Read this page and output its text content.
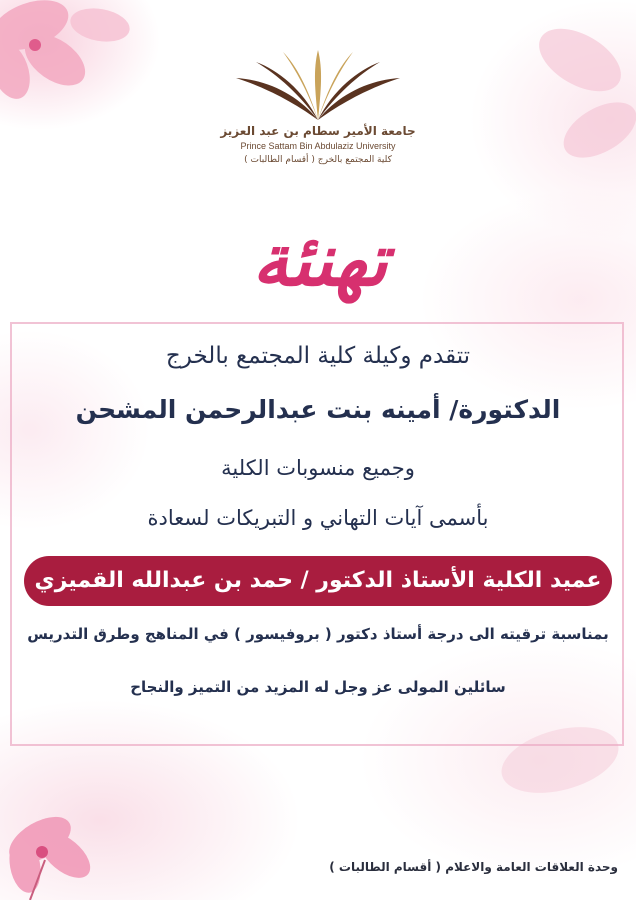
جامعة الأمير سطام بن عبد العزيز
Prince Sattam Bin Abdulaziz University
كلية المجتمع بالخرج ( أقسام الطالبات )
تهنئة
تتقدم وكيلة كلية المجتمع بالخرج
الدكتورة/ أمينه بنت عبدالرحمن المشحن
وجميع منسوبات الكلية
بأسمى آيات التهاني و التبريكات لسعادة
عميد الكلية الأستاذ الدكتور / حمد بن عبدالله القميزي
بمناسبة ترقيته الى درجة أستاذ دكتور ( بروفيسور ) في المناهج وطرق التدريس
سائلين المولى عز وجل له المزيد من التميز والنجاح
وحدة العلاقات العامة والاعلام ( أقسام الطالبات )
